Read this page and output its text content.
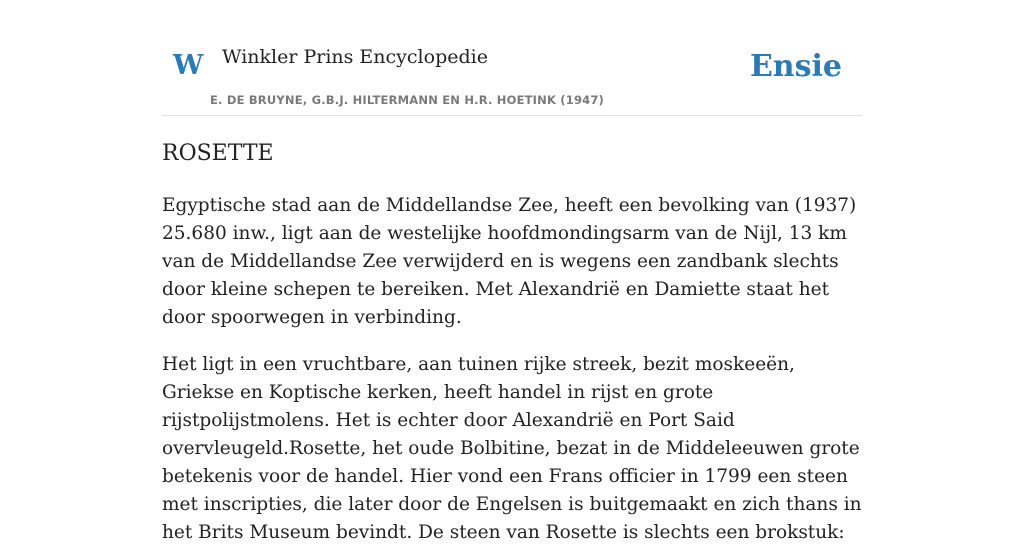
W Winkler Prins Encyclopedie
E. DE BRUYNE, G.B.J. HILTERMANN EN H.R. HOETINK (1947)
Ensie
ROSETTE

Egyptische stad aan de Middellandse Zee, heeft een bevolking van (1937) 25.680 inw., ligt aan de westelijke hoofdmondingsarm van de Nijl, 13 km van de Middellandse Zee verwijderd en is wegens een zandbank slechts door kleine schepen te bereiken. Met Alexandrië en Damiette staat het door spoorwegen in verbinding.

Het ligt in een vruchtbare, aan tuinen rijke streek, bezit moskeeën, Griekse en Koptische kerken, heeft handel in rijst en grote rijstpolijstmolens. Het is echter door Alexandrië en Port Said overvleugeld.Rosette, het oude Bolbitine, bezat in de Middeleeuwen grote betekenis voor de handel. Hier vond een Frans officier in 1799 een steen met inscripties, die later door de Engelsen is buitgemaakt en zich thans in het Brits Museum bevindt. De steen van Rosette is slechts een brokstuk:
